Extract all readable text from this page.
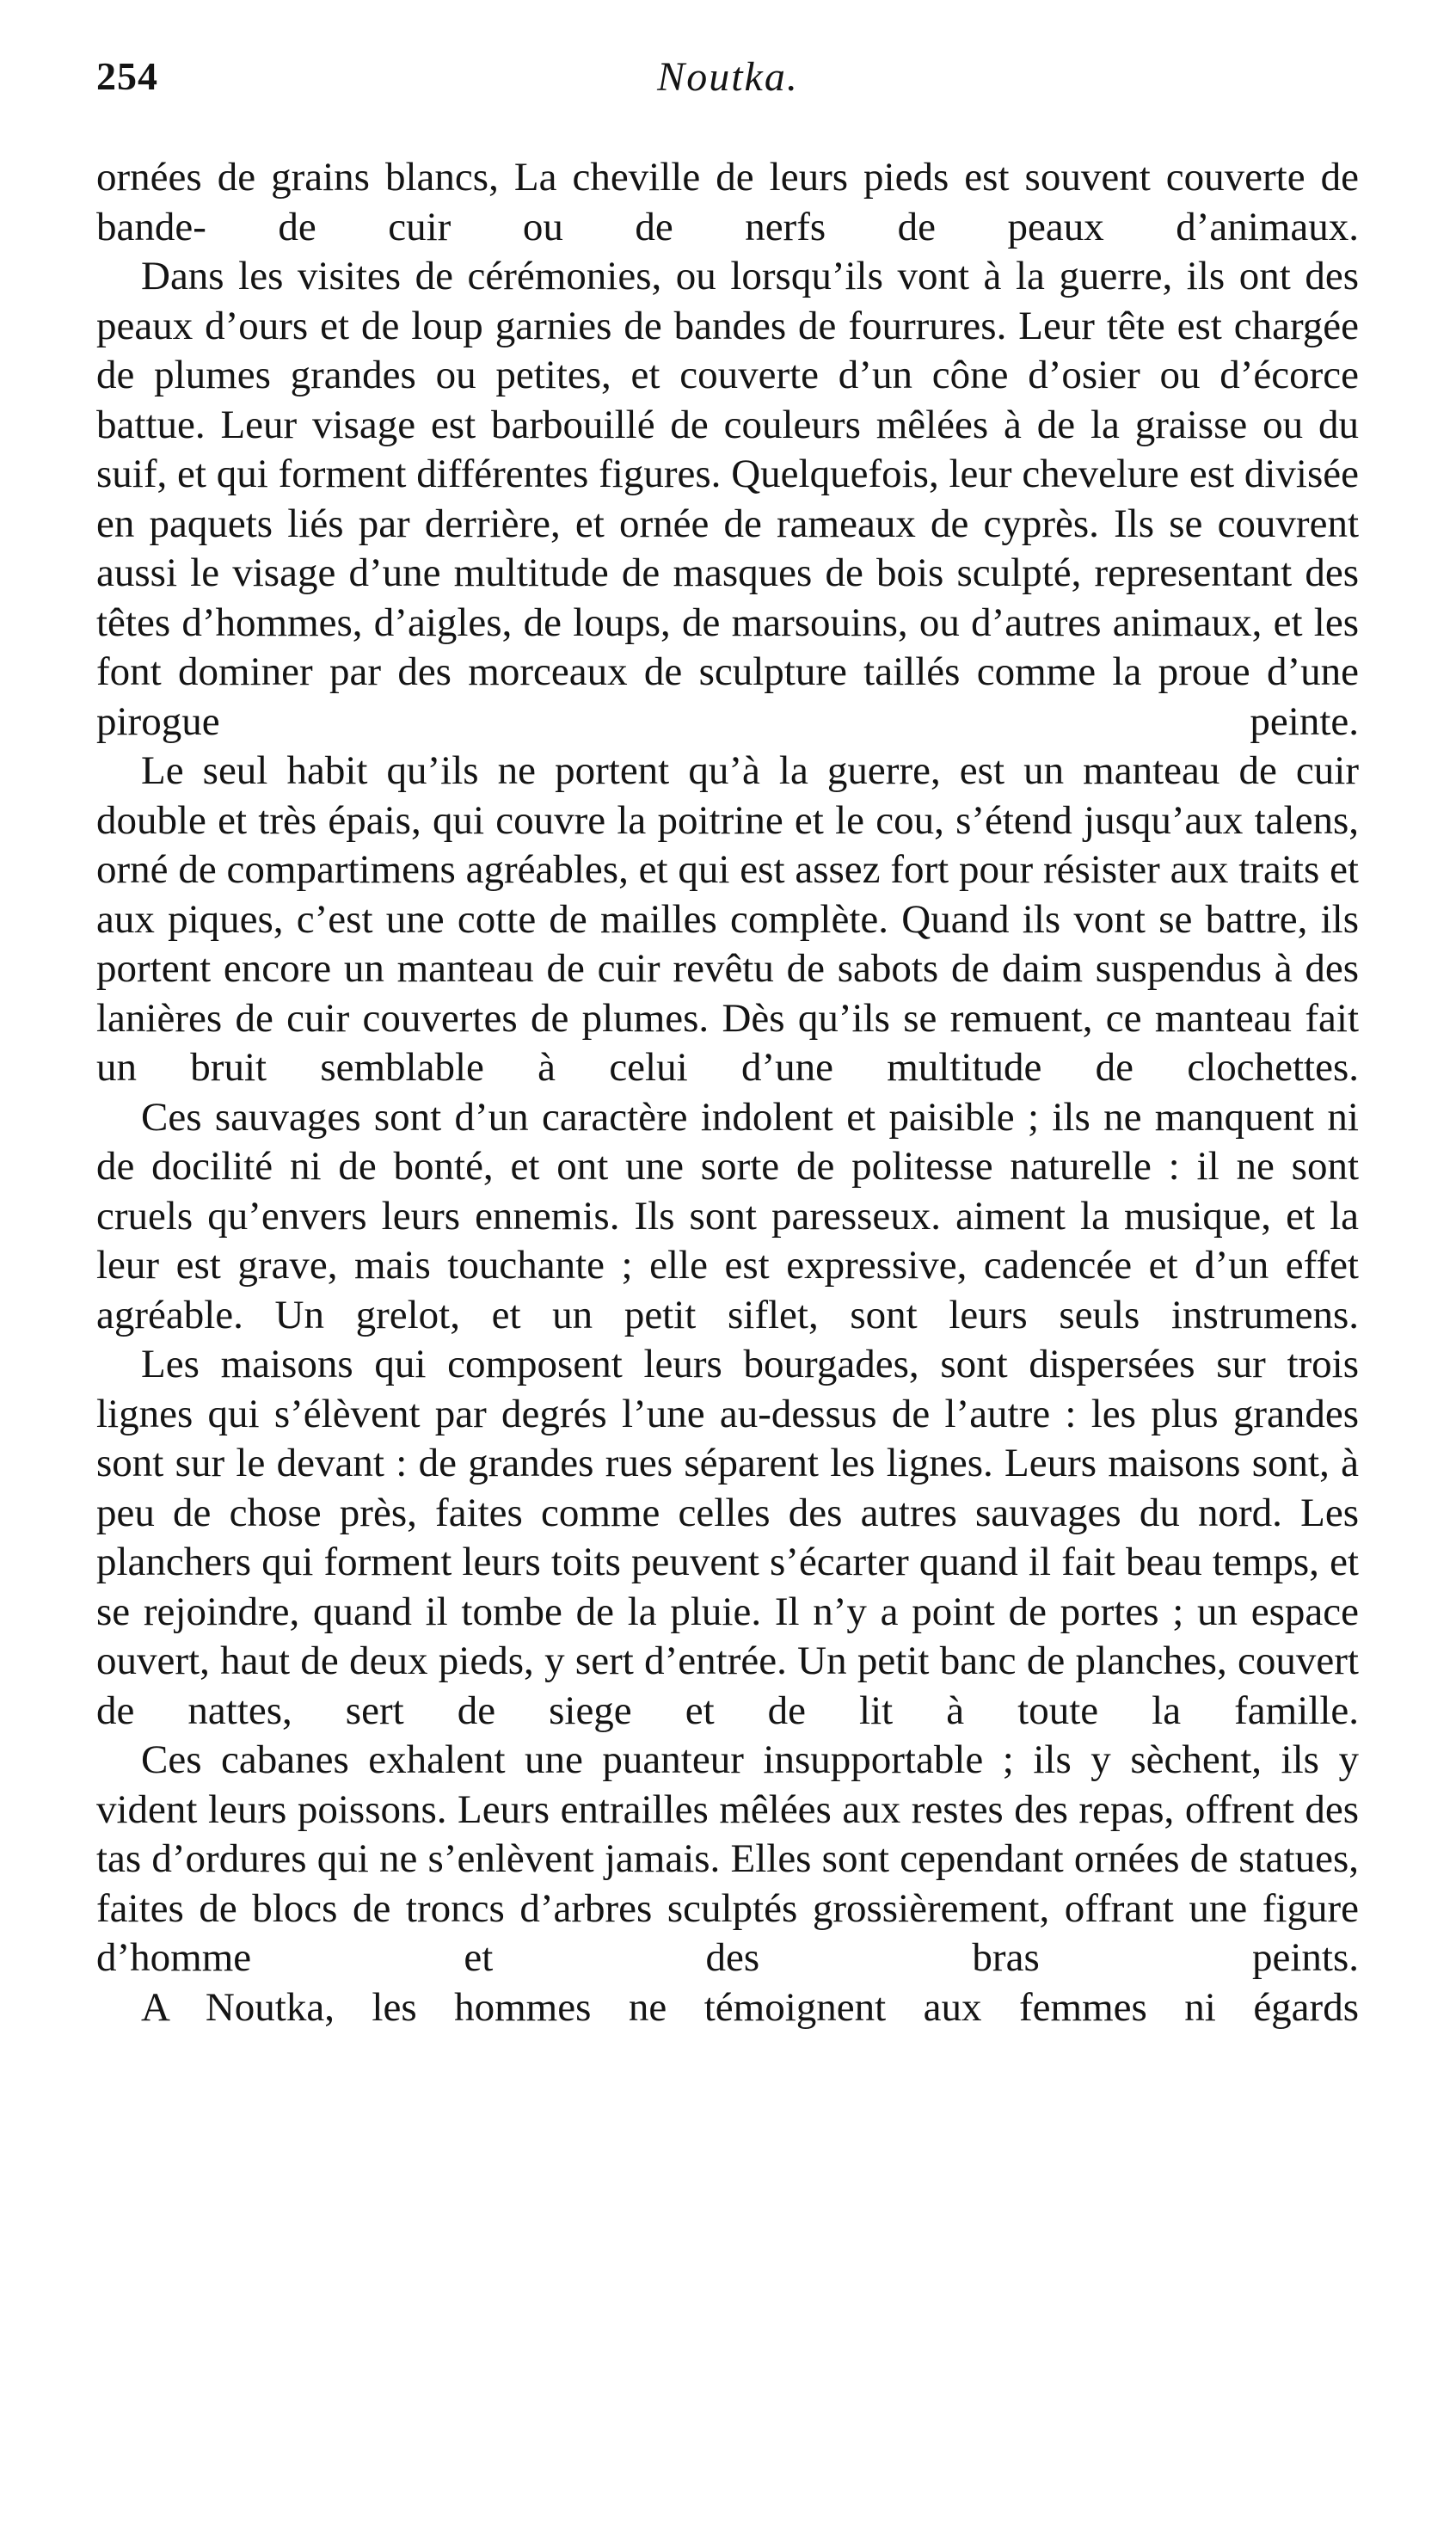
254	Noutka.

ornées de grains blancs, La cheville de leurs pieds est souvent couverte de bande- de cuir ou de nerfs de peaux d’animaux.

Dans les visites de cérémonies, ou lorsqu’ils vont à la guerre, ils ont des peaux d’ours et de loup garnies de bandes de fourrures. Leur tête est chargée de plumes grandes ou petites, et couverte d’un cône d’osier ou d’écorce battue. Leur visage est barbouillé de couleurs mêlées à de la graisse ou du suif, et qui forment différentes figures. Quelquefois, leur chevelure est divisée en paquets liés par derrière, et ornée de rameaux de cyprès. Ils se couvrent aussi le visage d’une multitude de masques de bois sculpté, representant des têtes d’hommes, d’aigles, de loups, de marsouins, ou d’autres animaux, et les font dominer par des morceaux de sculpture taillés comme la proue d’une pirogue peinte.

Le seul habit qu’ils ne portent qu’à la guerre, est un manteau de cuir double et très épais, qui couvre la poitrine et le cou, s’étend jusqu’aux talens, orné de compartimens agréables, et qui est assez fort pour résister aux traits et aux piques, c’est une cotte de mailles complète. Quand ils vont se battre, ils portent encore un manteau de cuir revêtu de sabots de daim suspendus à des lanières de cuir couvertes de plumes. Dès qu’ils se remuent, ce manteau fait un bruit semblable à celui d’une multitude de clochettes.

Ces sauvages sont d’un caractère indolent et paisible ; ils ne manquent ni de docilité ni de bonté, et ont une sorte de politesse naturelle : il ne sont cruels qu’envers leurs ennemis. Ils sont paresseux. aiment la musique, et la leur est grave, mais touchante ; elle est expressive, cadencée et d’un effet agréable. Un grelot, et un petit siflet, sont leurs seuls instrumens.

Les maisons qui composent leurs bourgades, sont dispersées sur trois lignes qui s’élèvent par degrés l’une au-dessus de l’autre : les plus grandes sont sur le devant : de grandes rues séparent les lignes. Leurs maisons sont, à peu de chose près, faites comme celles des autres sauvages du nord. Les planchers qui forment leurs toits peuvent s’écarter quand il fait beau temps, et se rejoindre, quand il tombe de la pluie. Il n’y a point de portes ; un espace ouvert, haut de deux pieds, y sert d’entrée. Un petit banc de planches, couvert de nattes, sert de siege et de lit à toute la famille.

Ces cabanes exhalent une puanteur insupportable ; ils y sèchent, ils y vident leurs poissons. Leurs entrailles mêlées aux restes des repas, offrent des tas d’ordures qui ne s’enlèvent jamais. Elles sont cependant ornées de statues, faites de blocs de troncs d’arbres sculptés grossièrement, offrant une figure d’homme et des bras peints.

A Noutka, les hommes ne témoignent aux femmes ni égards
